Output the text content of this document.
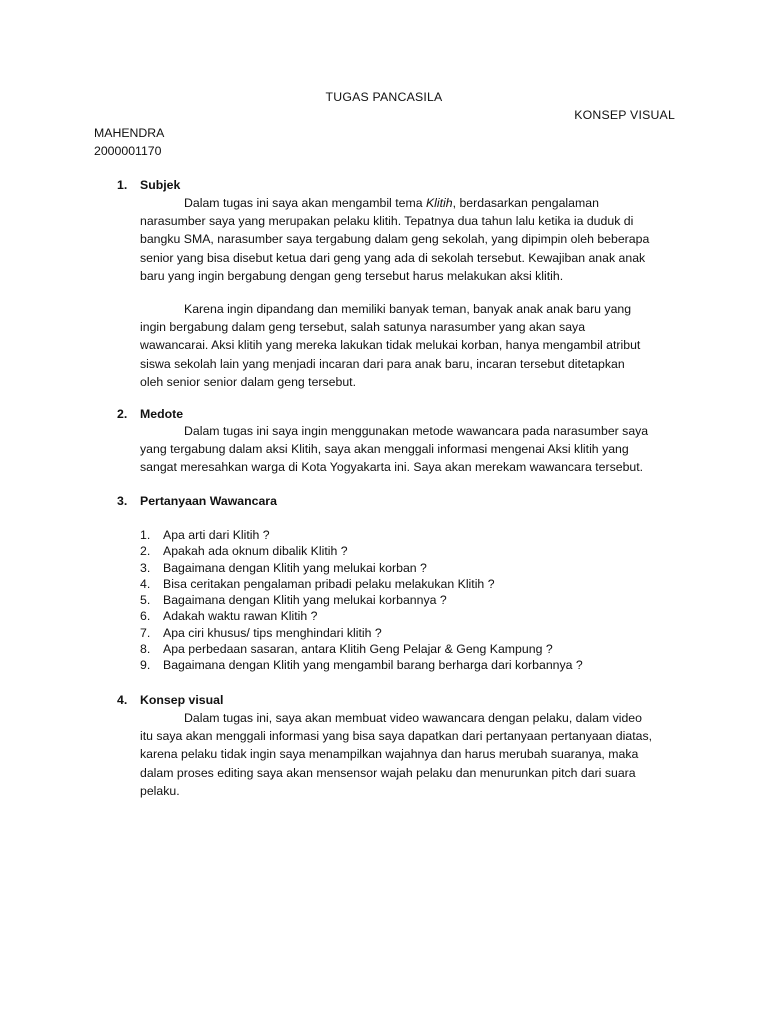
TUGAS PANCASILA
KONSEP VISUAL
MAHENDRA
2000001170
1. Subjek

Dalam tugas ini saya akan mengambil tema Klitih, berdasarkan pengalaman

narasumber saya yang merupakan pelaku klitih. Tepatnya dua tahun lalu ketika ia duduk di

bangku SMA, narasumber saya tergabung dalam geng sekolah, yang dipimpin oleh beberapa

senior yang bisa disebut ketua dari geng yang ada di sekolah tersebut. Kewajiban anak anak

baru yang ingin bergabung dengan geng tersebut harus melakukan aksi klitih.

Karena ingin dipandang dan memiliki banyak teman, banyak anak anak baru yang

ingin bergabung dalam geng tersebut, salah satunya narasumber yang akan saya

wawancarai. Aksi klitih yang mereka lakukan tidak melukai korban, hanya mengambil atribut

siswa sekolah lain yang menjadi incaran dari para anak baru, incaran tersebut ditetapkan

oleh senior senior dalam geng tersebut.

2. Medote

Dalam tugas ini saya ingin menggunakan metode wawancara pada narasumber saya

yang tergabung dalam aksi Klitih, saya akan menggali informasi mengenai Aksi klitih yang

sangat meresahkan warga di Kota Yogyakarta ini. Saya akan merekam wawancara tersebut.

3. Pertanyaan Wawancara
1. Apa arti dari Klitih ?
2. Apakah ada oknum dibalik Klitih ?
3. Bagaimana dengan Klitih yang melukai korban ?
4. Bisa ceritakan pengalaman pribadi pelaku melakukan Klitih ?
5. Bagaimana dengan Klitih yang melukai korbannya ?
6. Adakah waktu rawan Klitih ?
7. Apa ciri khusus/ tips menghindari klitih ?
8. Apa perbedaan sasaran, antara Klitih Geng Pelajar & Geng Kampung ?
9. Bagaimana dengan Klitih yang mengambil barang berharga dari korbannya ?
4. Konsep visual

Dalam tugas ini, saya akan membuat video wawancara dengan pelaku, dalam video

itu saya akan menggali informasi yang bisa saya dapatkan dari pertanyaan pertanyaan diatas,

karena pelaku tidak ingin saya menampilkan wajahnya dan harus merubah suaranya, maka

dalam proses editing saya akan mensensor wajah pelaku dan menurunkan pitch dari suara

pelaku.
